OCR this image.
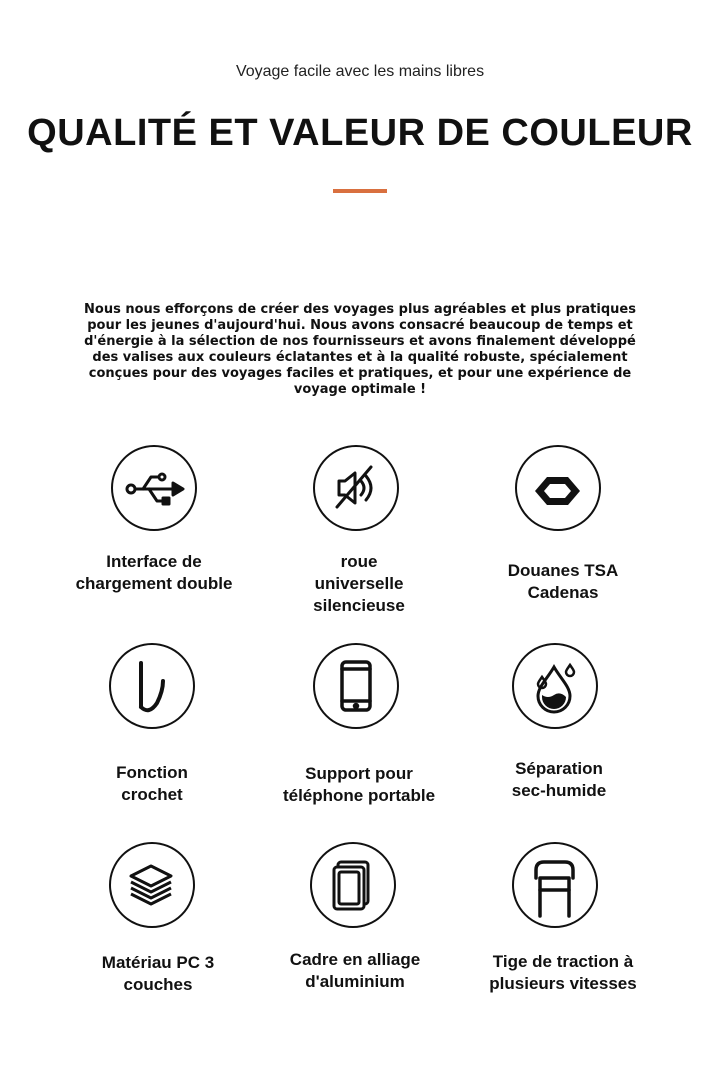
Voyage facile avec les mains libres
QUALITÉ ET VALEUR DE COULEUR
Nous nous efforçons de créer des voyages plus agréables et plus pratiques pour les jeunes d'aujourd'hui. Nous avons consacré beaucoup de temps et d'énergie à la sélection de nos fournisseurs et avons finalement développé des valises aux couleurs éclatantes et à la qualité robuste, spécialement conçues pour des voyages faciles et pratiques, et pour une expérience de voyage optimale !
Interface de
chargement double
roue
universelle
silencieuse
Douanes TSA
Cadenas
Fonction
crochet
Support pour
téléphone portable
Séparation
sec-humide
Matériau PC 3
couches
Cadre en alliage
d'aluminium
Tige de traction à
plusieurs vitesses
